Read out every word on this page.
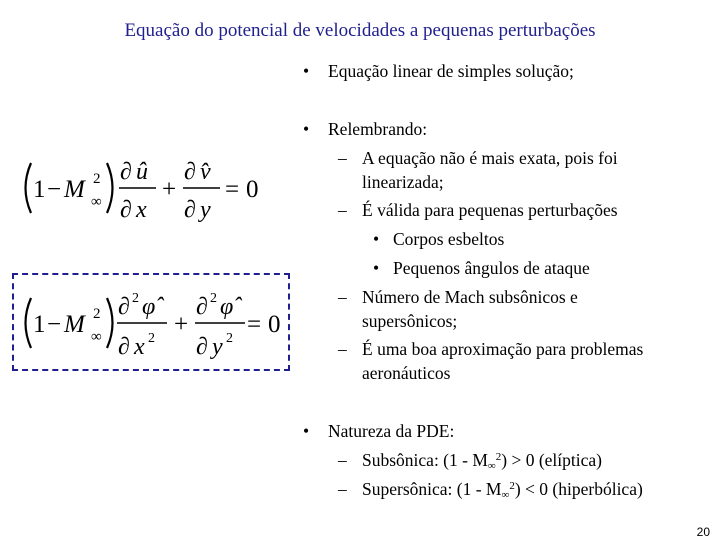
Equação do potencial de velocidades a pequenas perturbações
• Equação linear de simples solução;
• Relembrando:
– A equação não é mais exata, pois foi
linearizada;
– É válida para pequenas perturbações
• Corpos esbeltos
• Pequenos ângulos de ataque
– Número de Mach subsônicos e
supersônicos;
– É uma boa aproximação para problemas
aeronáuticos
• Natureza da PDE:
– Subsônica: $(1 - M_\infty^2) > 0$ (elíptica)
– Supersônica: $(1 - M_\infty^2) < 0$ (hiperbólica)
1 − M 2
∞
∂ û
∂ x
+
∂ v̂
∂ y
= 0
1 − M 2
∞
∂ 2 φ̂
∂ x 2
+
∂ 2 φ̂
∂ y 2
= 0
20
